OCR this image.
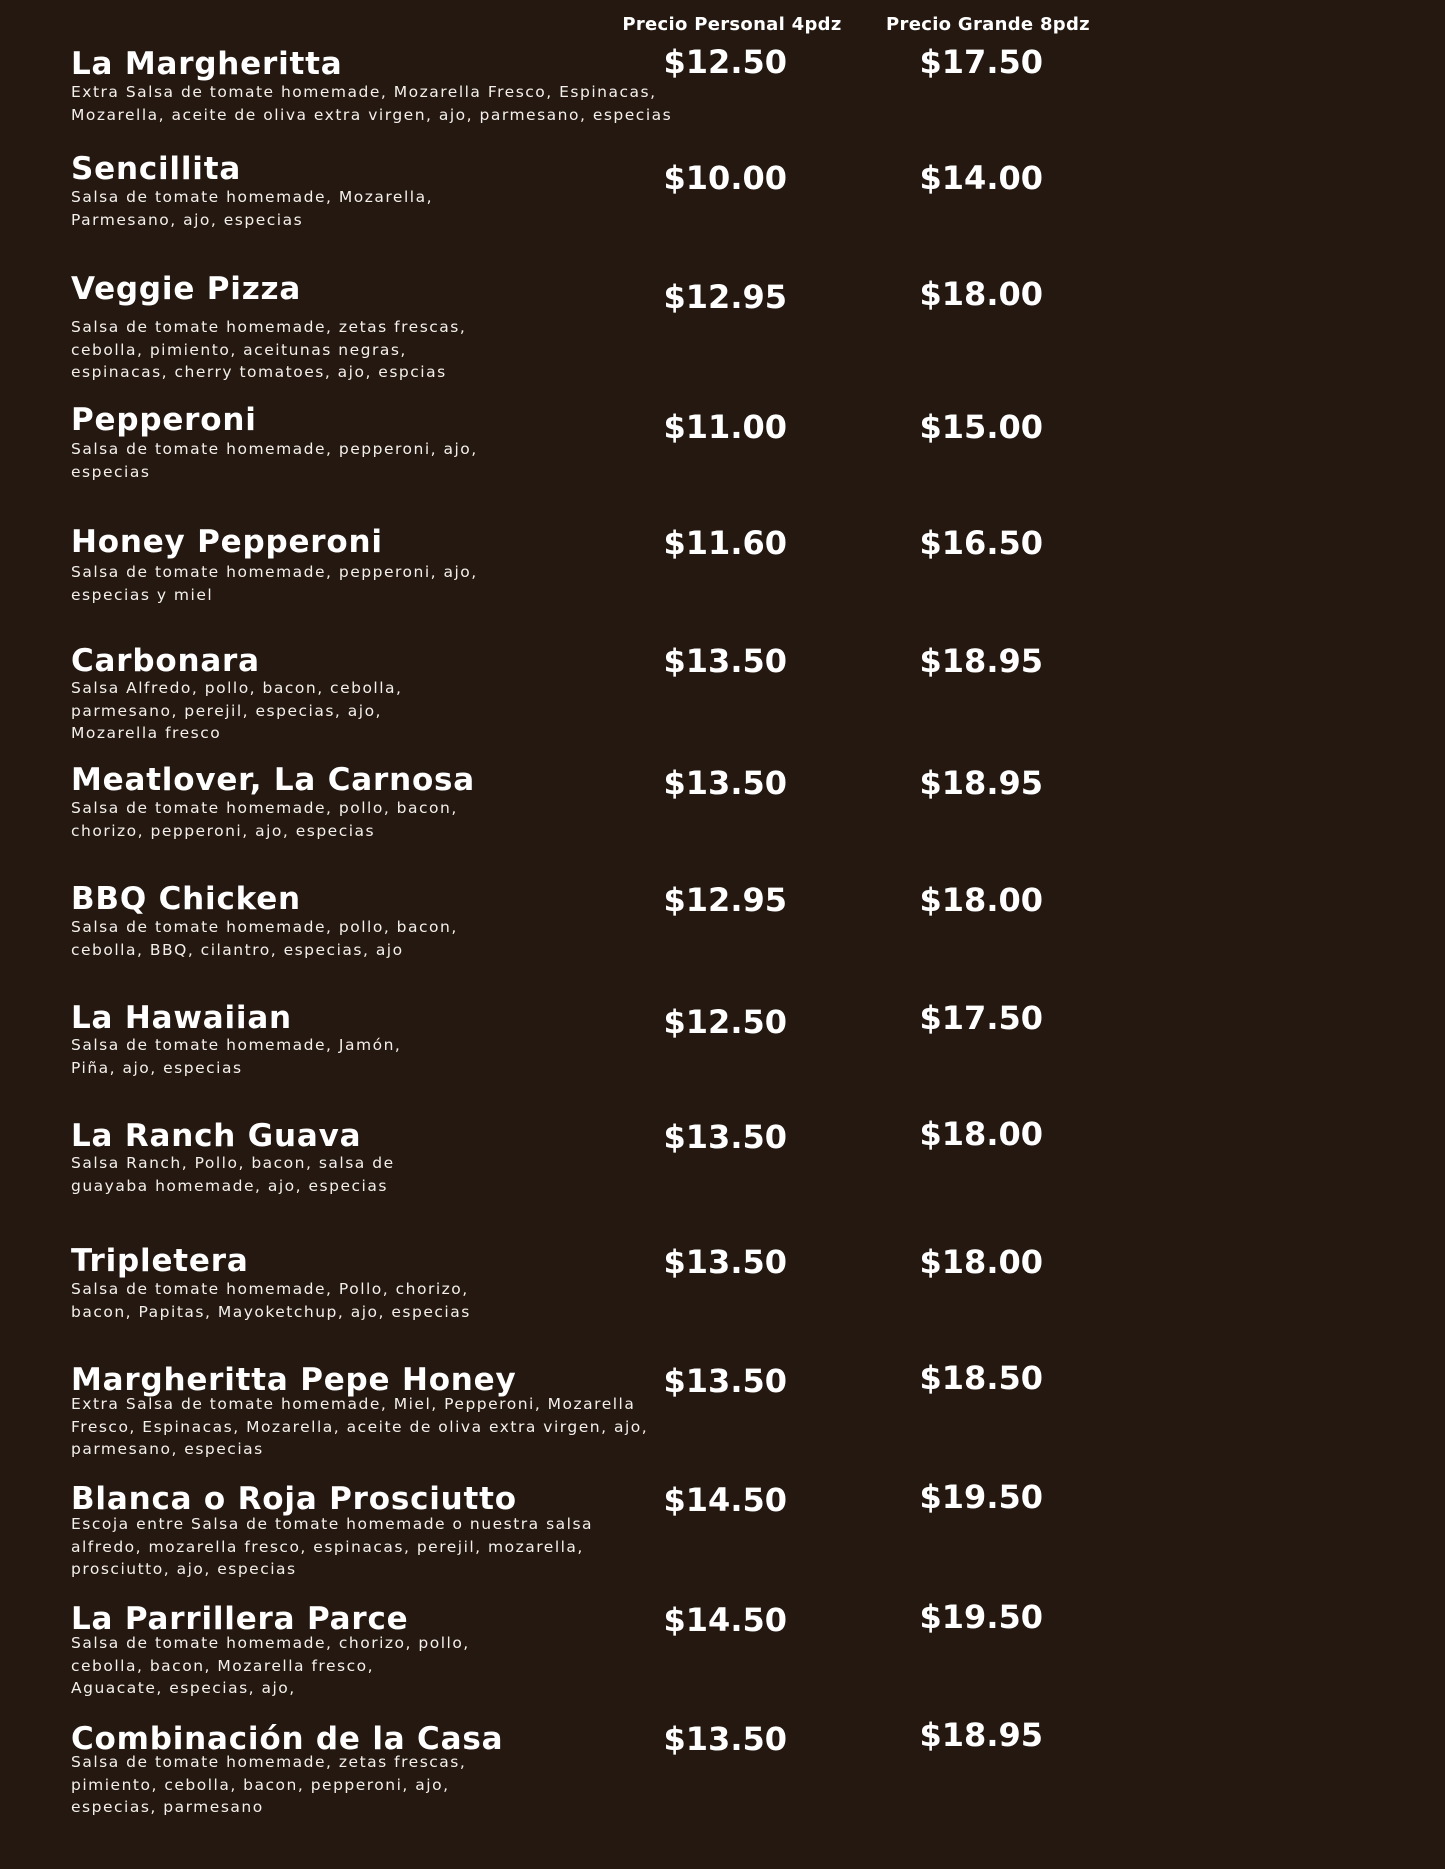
Precio Personal 4pdz	Precio Grande 8pdz
La Margheritta
Extra Salsa de tomate homemade, Mozarella Fresco, Espinacas, Mozarella, aceite de oliva extra virgen, ajo, parmesano, especias
$12.50	$17.50
Sencillita
Salsa de tomate homemade, Mozarella, Parmesano, ajo, especias
$10.00	$14.00
Veggie Pizza
Salsa de tomate homemade, zetas frescas, cebolla, pimiento, aceitunas negras, espinacas, cherry tomatoes, ajo, espcias
$12.95	$18.00
Pepperoni
Salsa de tomate homemade, pepperoni, ajo, especias
$11.00	$15.00
Honey Pepperoni
Salsa de tomate homemade, pepperoni, ajo, especias y miel
$11.60	$16.50
Carbonara
Salsa Alfredo, pollo, bacon, cebolla, parmesano, perejil, especias, ajo, Mozarella fresco
$13.50	$18.95
Meatlover, La Carnosa
Salsa de tomate homemade, pollo, bacon, chorizo, pepperoni, ajo, especias
$13.50	$18.95
BBQ Chicken
Salsa de tomate homemade, pollo, bacon, cebolla, BBQ, cilantro, especias, ajo
$12.95	$18.00
La Hawaiian
Salsa de tomate homemade, Jamón, Piña, ajo, especias
$12.50	$17.50
La Ranch Guava
Salsa Ranch, Pollo, bacon, salsa de guayaba homemade, ajo, especias
$13.50	$18.00
Tripletera
Salsa de tomate homemade, Pollo, chorizo, bacon, Papitas, Mayoketchup, ajo, especias
$13.50	$18.00
Margheritta Pepe Honey
Extra Salsa de tomate homemade, Miel, Pepperoni, Mozarella Fresco, Espinacas, Mozarella, aceite de oliva extra virgen, ajo, parmesano, especias
$13.50	$18.50
Blanca o Roja Prosciutto
Escoja entre Salsa de tomate homemade o nuestra salsa alfredo, mozarella fresco, espinacas, perejil, mozarella, prosciutto, ajo, especias
$14.50	$19.50
La Parrillera Parce
Salsa de tomate homemade, chorizo, pollo, cebolla, bacon, Mozarella fresco, Aguacate, especias, ajo,
$14.50	$19.50
Combinación de la Casa
Salsa de tomate homemade, zetas frescas, pimiento, cebolla, bacon, pepperoni, ajo, especias, parmesano
$13.50	$18.95
